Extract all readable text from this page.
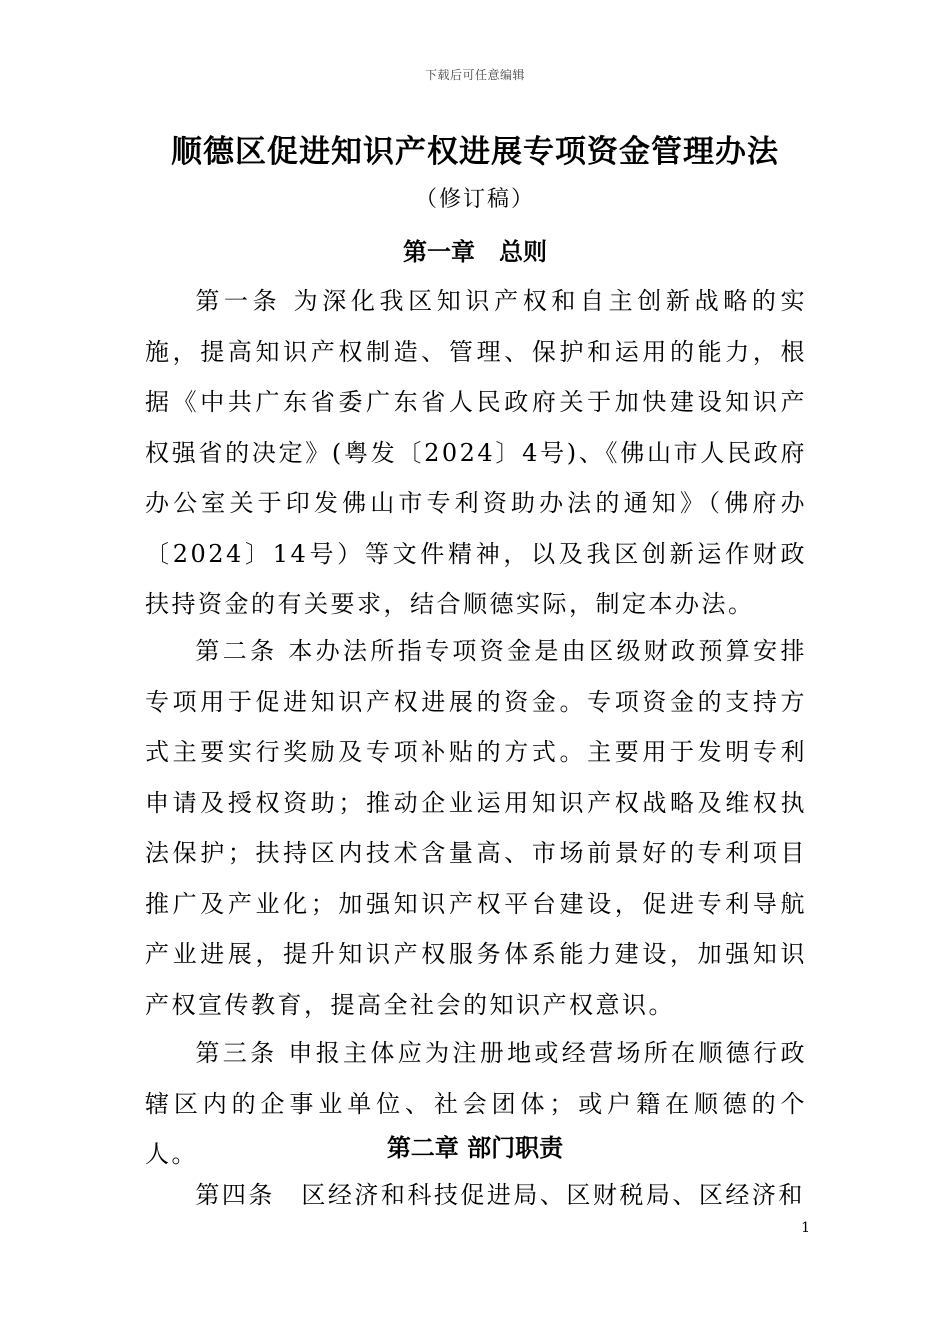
下载后可任意编辑
顺德区促进知识产权进展专项资金管理办法
（修订稿）
第一章　总则

第一条 为深化我区知识产权和自主创新战略的实施，提高知识产权制造、管理、保护和运用的能力，根据《中共广东省委广东省人民政府关于加快建设知识产权强省的决定》(粤发〔2024〕4号)、《佛山市人民政府办公室关于印发佛山市专利资助办法的通知》（佛府办〔2024〕14号）等文件精神，以及我区创新运作财政扶持资金的有关要求，结合顺德实际，制定本办法。

第二条 本办法所指专项资金是由区级财政预算安排专项用于促进知识产权进展的资金。专项资金的支持方式主要实行奖励及专项补贴的方式。主要用于发明专利申请及授权资助；推动企业运用知识产权战略及维权执法保护；扶持区内技术含量高、市场前景好的专利项目推广及产业化；加强知识产权平台建设，促进专利导航产业进展，提升知识产权服务体系能力建设，加强知识产权宣传教育，提高全社会的知识产权意识。

第三条 申报主体应为注册地或经营场所在顺德行政辖区内的企事业单位、社会团体；或户籍在顺德的个人。	第二章 部门职责

第四条　区经济和科技促进局、区财税局、区经济和

1
